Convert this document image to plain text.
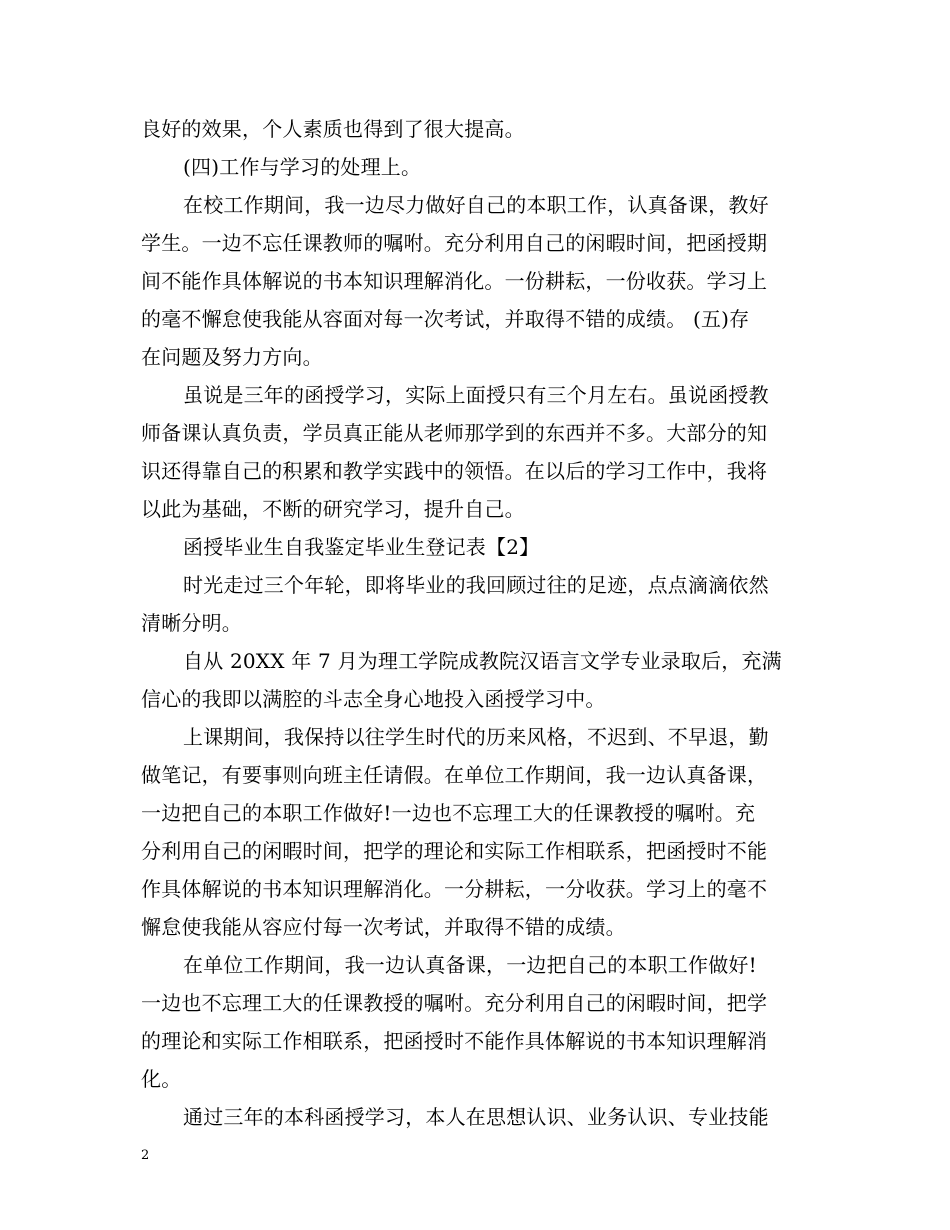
良好的效果，个人素质也得到了很大提高。
(四)工作与学习的处理上。
在校工作期间，我一边尽力做好自己的本职工作，认真备课，教好
学生。一边不忘任课教师的嘱咐。充分利用自己的闲暇时间，把函授期
间不能作具体解说的书本知识理解消化。一份耕耘，一份收获。学习上
的毫不懈怠使我能从容面对每一次考试，并取得不错的成绩。 (五)存
在问题及努力方向。
虽说是三年的函授学习，实际上面授只有三个月左右。虽说函授教
师备课认真负责，学员真正能从老师那学到的东西并不多。大部分的知
识还得靠自己的积累和教学实践中的领悟。在以后的学习工作中，我将
以此为基础，不断的研究学习，提升自己。
函授毕业生自我鉴定毕业生登记表【2】
时光走过三个年轮，即将毕业的我回顾过往的足迹，点点滴滴依然
清晰分明。
自从 20XX 年 7 月为理工学院成教院汉语言文学专业录取后，充满
信心的我即以满腔的斗志全身心地投入函授学习中。
上课期间，我保持以往学生时代的历来风格，不迟到、不早退，勤
做笔记，有要事则向班主任请假。在单位工作期间，我一边认真备课，
一边把自己的本职工作做好!一边也不忘理工大的任课教授的嘱咐。充
分利用自己的闲暇时间，把学的理论和实际工作相联系，把函授时不能
作具体解说的书本知识理解消化。一分耕耘，一分收获。学习上的毫不
懈怠使我能从容应付每一次考试，并取得不错的成绩。
在单位工作期间，我一边认真备课，一边把自己的本职工作做好!
一边也不忘理工大的任课教授的嘱咐。充分利用自己的闲暇时间，把学
的理论和实际工作相联系，把函授时不能作具体解说的书本知识理解消
化。
通过三年的本科函授学习，本人在思想认识、业务认识、专业技能
2
